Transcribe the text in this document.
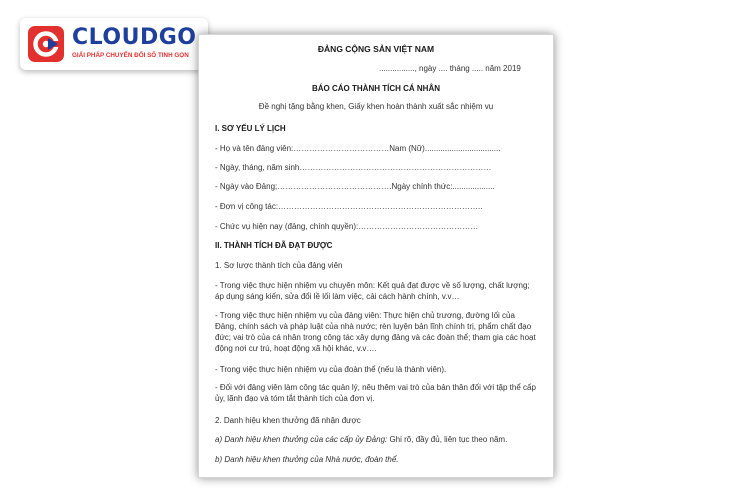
CLOUDGO
GIẢI PHÁP CHUYỂN ĐỔI SỐ TINH GỌN
ĐẢNG CỘNG SẢN VIỆT NAM
................, ngày .... tháng ..... năm 2019
BÁO CÁO THÀNH TÍCH CÁ NHÂN
Đề nghị tặng bằng khen, Giấy khen hoàn thành xuất sắc nhiệm vụ
I. SƠ YẾU LÝ LỊCH
- Họ và tên đảng viên:………………………………Nam (Nữ)..................................
- Ngày, tháng, năm sinh………………………………………………………………
- Ngày vào Đảng;…………………………………….Ngày chính thức:...................
- Đơn vị công tác:…………………………………………………………………..
- Chức vụ hiện nay (đảng, chính quyền):………………………………………
II. THÀNH TÍCH ĐÃ ĐẠT ĐƯỢC
1. Sơ lược thành tích của đảng viên
- Trong việc thực hiện nhiệm vụ chuyên môn: Kết quả đạt được về số lượng, chất lượng; áp dụng sáng kiến, sửa đổi lề lối làm việc, cải cách hành chính, v.v…
- Trong việc thực hiện nhiệm vụ của đảng viên: Thực hiện chủ trương, đường lối của Đảng, chính sách và pháp luật của nhà nước; rèn luyện bản lĩnh chính trị, phẩm chất đạo đức; vai trò của cá nhân trong công tác xây dựng đảng và các đoàn thể; tham gia các hoạt động nơi cư trú, hoạt động xã hội khác, v.v….
- Trong việc thực hiện nhiệm vụ của đoàn thể (nếu là thành viên).
- Đối với đảng viên làm công tác quản lý, nêu thêm vai trò của bản thân đối với tập thể cấp ủy, lãnh đạo và tóm tắt thành tích của đơn vị.
2. Danh hiệu khen thưởng đã nhận được
a) Danh hiệu khen thưởng của các cấp ủy Đảng: Ghi rõ, đầy đủ, liên tục theo năm.
b) Danh hiệu khen thưởng của Nhà nước, đoàn thể.
